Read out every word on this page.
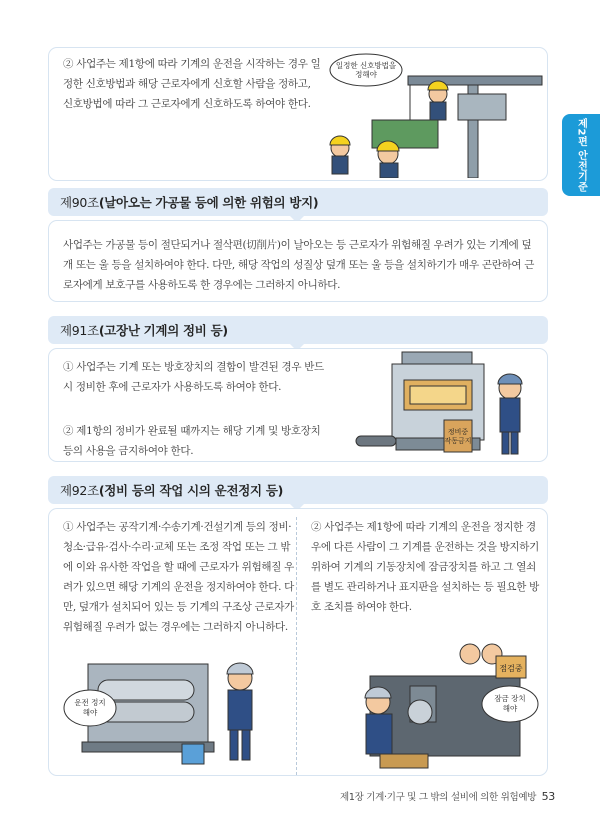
제2편 안전기준

② 사업주는 제1항에 따라 기계의 운전을 시작하는 경우 일정한 신호방법과 해당 근로자에게 신호할 사람을 정하고, 신호방법에 따라 그 근로자에게 신호하도록 하여야 한다.

일정한 신호방법을 정해야
제90조 (날아오는 가공물 등에 의한 위험의 방지)

사업주는 가공물 등이 절단되거나 절삭편(切削片)이 날아오는 등 근로자가 위험해질 우려가 있는 기계에 덮개 또는 울 등을 설치하여야 한다. 다만, 해당 작업의 성질상 덮개 또는 울 등을 설치하기가 매우 곤란하여 근로자에게 보호구를 사용하도록 한 경우에는 그러하지 아니하다.

제91조 (고장난 기계의 정비 등)

① 사업주는 기계 또는 방호장치의 결함이 발견된 경우 반드시 정비한 후에 근로자가 사용하도록 하여야 한다.

② 제1항의 정비가 완료될 때까지는 해당 기계 및 방호장치 등의 사용을 금지하여야 한다.

정비중 작동금지
제92조 (정비 등의 작업 시의 운전정지 등)

① 사업주는 공작기계·수송기계·건설기계 등의 정비·청소·급유·검사·수리·교체 또는 조정 작업 또는 그 밖에 이와 유사한 작업을 할 때에 근로자가 위험해질 우려가 있으면 해당 기계의 운전을 정지하여야 한다. 다만, 덮개가 설치되어 있는 등 기계의 구조상 근로자가 위험해질 우려가 없는 경우에는 그러하지 아니하다.

② 사업주는 제1항에 따라 기계의 운전을 정지한 경우에 다른 사람이 그 기계를 운전하는 것을 방지하기 위하여 기계의 기동장치에 잠금장치를 하고 그 열쇠를 별도 관리하거나 표지판을 설치하는 등 필요한 방호 조치를 하여야 한다.

운전 정지 해야
점검중
잠금 장치 해야
제1장 기계·기구 및 그 밖의 설비에 의한 위험예방 53
